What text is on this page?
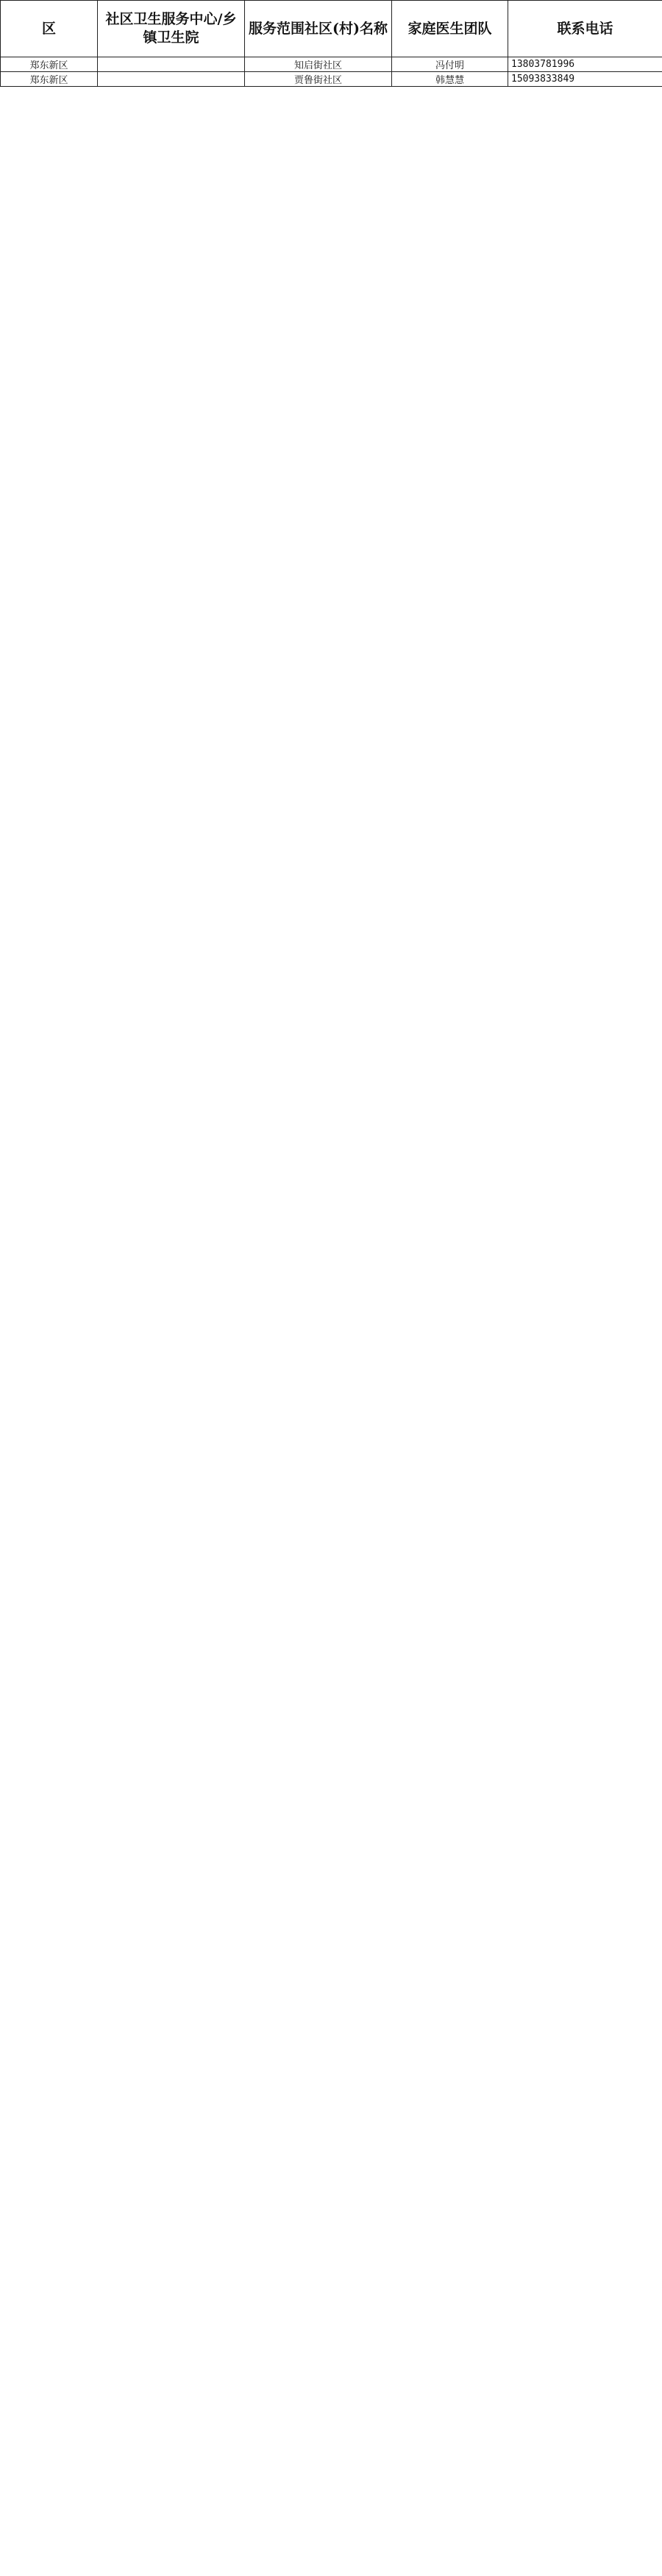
区	社区卫生服务中心/乡镇卫生院	服务范围社区(村)名称	家庭医生团队	联系电话
郑东新区		知启街社区	冯付明	13803781996
郑东新区		贾鲁街社区	韩慧慧	15093833849
